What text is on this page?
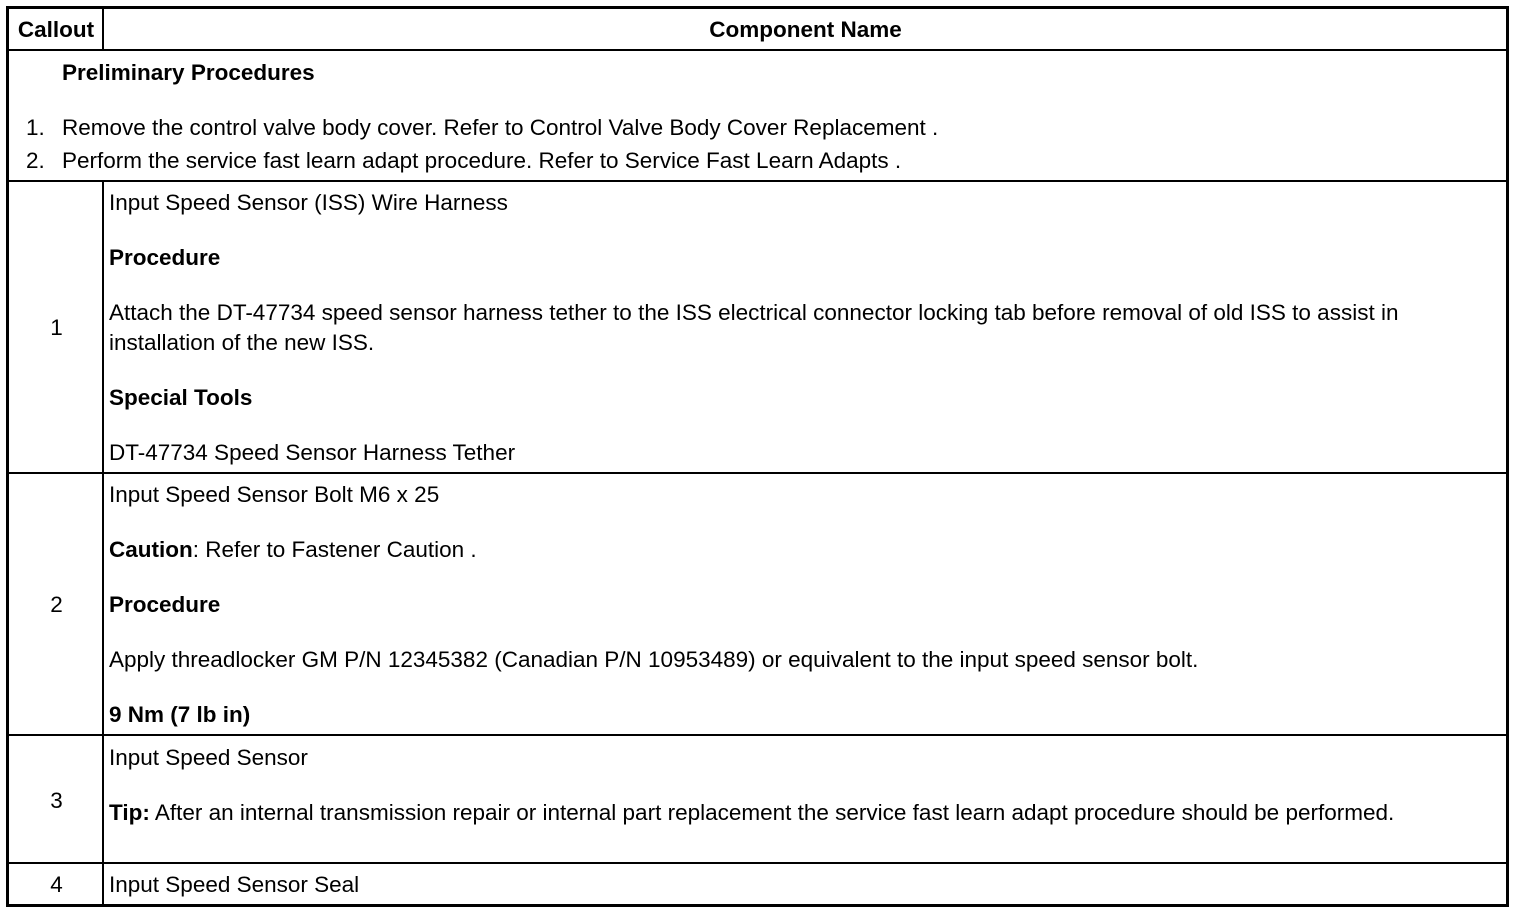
Callout	Component Name
Preliminary Procedures
1. Remove the control valve body cover. Refer to Control Valve Body Cover Replacement .
2. Perform the service fast learn adapt procedure. Refer to Service Fast Learn Adapts .
1
Input Speed Sensor (ISS) Wire Harness
Procedure
Attach the DT-47734 speed sensor harness tether to the ISS electrical connector locking tab before removal of old ISS to assist in installation of the new ISS.
Special Tools
DT-47734 Speed Sensor Harness Tether
2
Input Speed Sensor Bolt M6 x 25
Caution: Refer to Fastener Caution .
Procedure
Apply threadlocker GM P/N 12345382 (Canadian P/N 10953489) or equivalent to the input speed sensor bolt.
9 Nm (7 lb in)
3
Input Speed Sensor
Tip: After an internal transmission repair or internal part replacement the service fast learn adapt procedure should be performed.
4	Input Speed Sensor Seal
